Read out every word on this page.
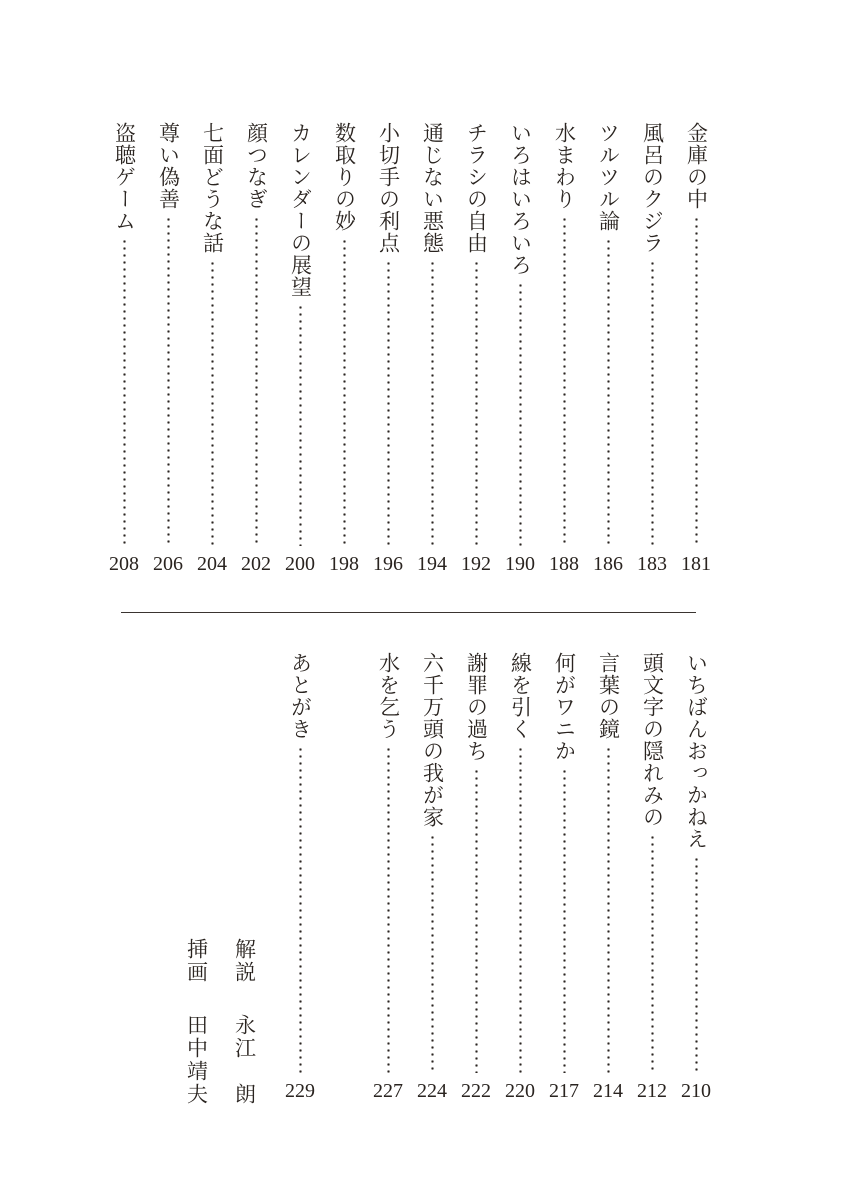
金庫の中
181
風呂のクジラ
183
ツルツル論
186
水まわり
188
いろはいろいろ
190
チラシの自由
192
通じない悪態
194
小切手の利点
196
数取りの妙
198
カレンダーの展望
200
顔つなぎ
202
七面どうな話
204
尊い偽善
206
盗聴ゲーム
208
いちばんおっかねえ
210
頭文字の隠れみの
212
言葉の鏡
214
何がワニか
217
線を引く
220
謝罪の過ち
222
六千万頭の我が家
224
水を乞う
227
あとがき
229
解説
永江　朗
挿画
田中靖夫
